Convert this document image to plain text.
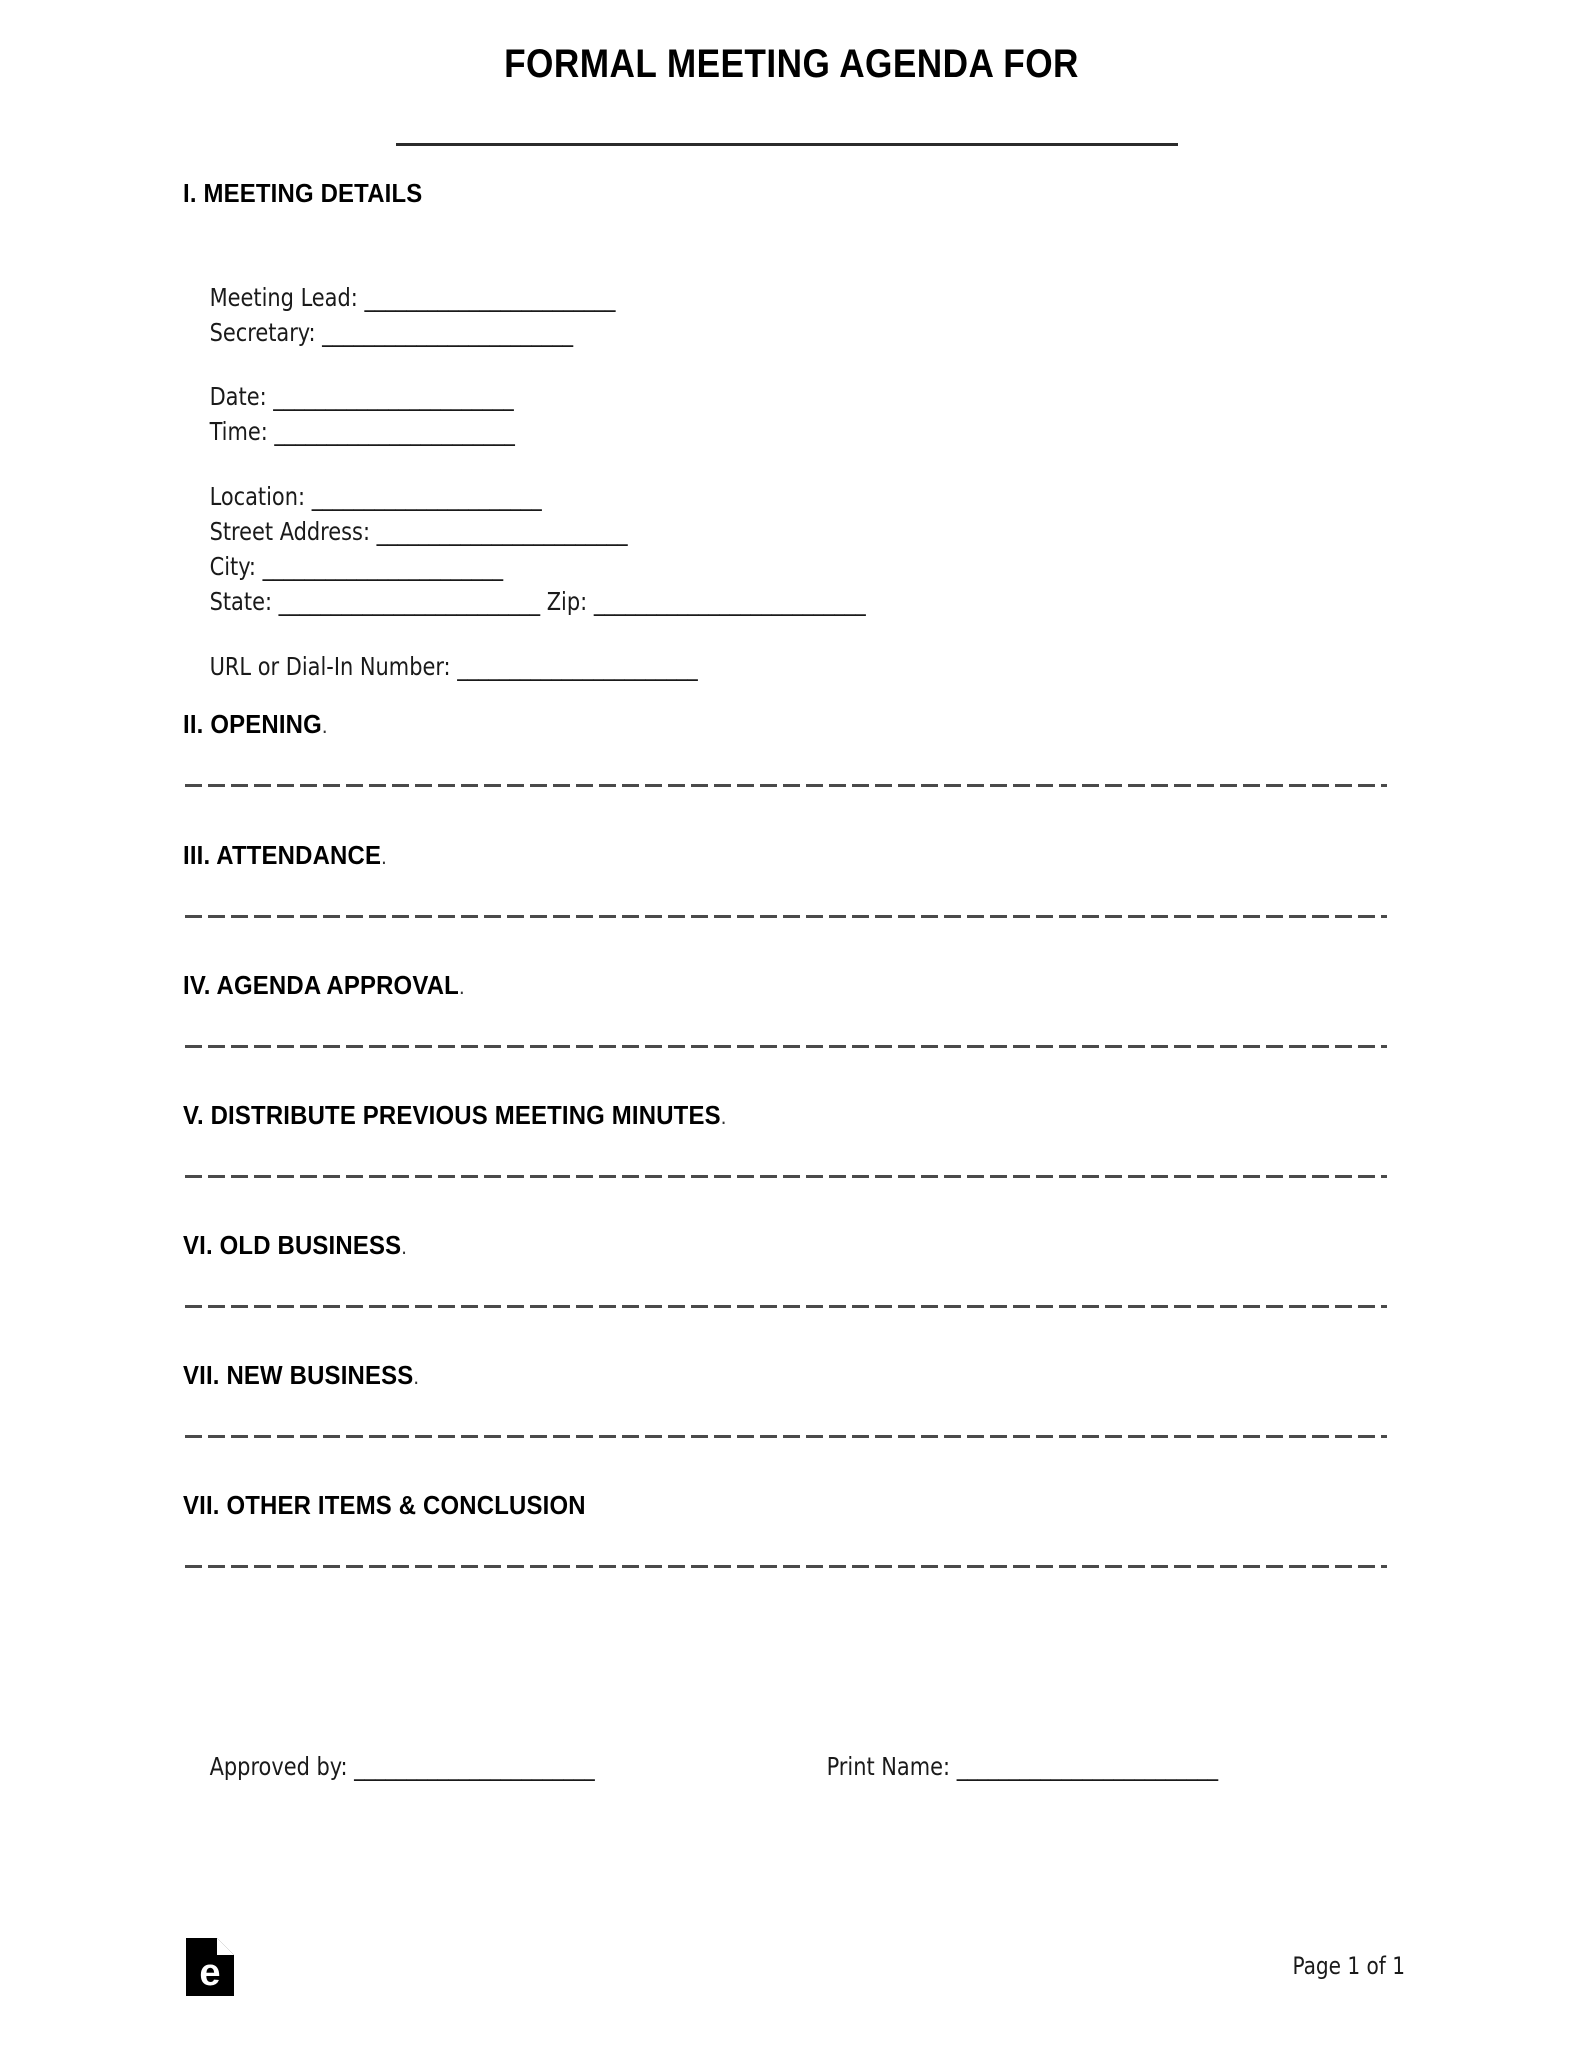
FORMAL MEETING AGENDA FOR
I. MEETING DETAILS

Meeting Lead: ________________________

Secretary: ________________________

Date: _______________________

Time: _______________________

Location: ______________________

Street Address: ________________________

City: _______________________

State: _________________________ Zip: __________________________

URL or Dial-In Number: _______________________

II. OPENING.
III. ATTENDANCE.
IV. AGENDA APPROVAL.
V. DISTRIBUTE PREVIOUS MEETING MINUTES.
VI. OLD BUSINESS.
VII. NEW BUSINESS.
VII. OTHER ITEMS & CONCLUSION

Approved by: _______________________
	Print Name: _________________________

e	Page 1 of 1
